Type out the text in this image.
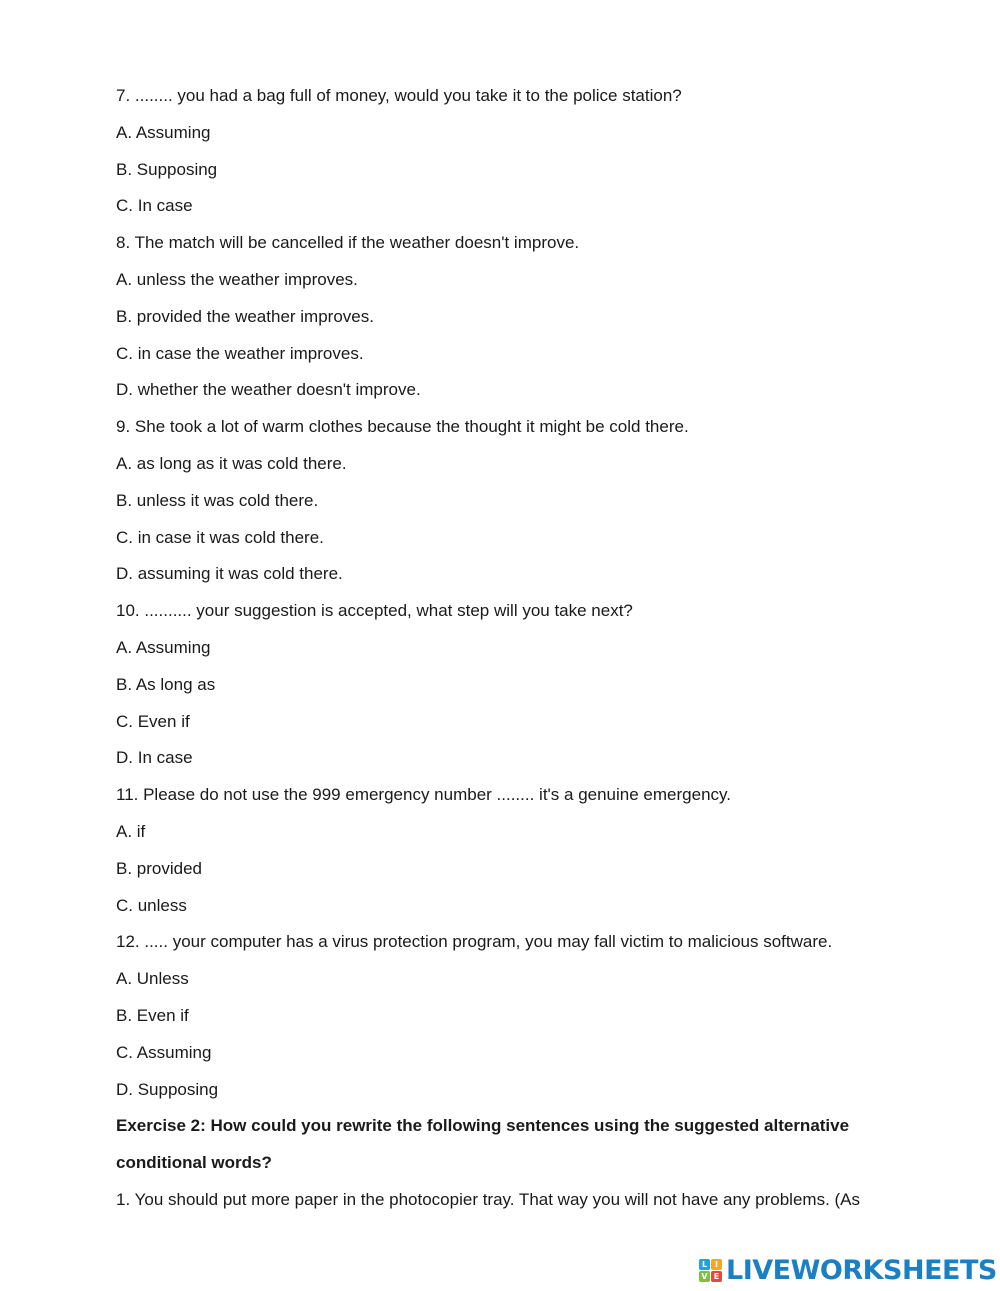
7. ........ you had a bag full of money, would you take it to the police station?
A. Assuming
B. Supposing
C. In case
8. The match will be cancelled if the weather doesn't improve.
A. unless the weather improves.
B. provided the weather improves.
C. in case the weather improves.
D. whether the weather doesn't improve.
9. She took a lot of warm clothes because the thought it might be cold there.
A. as long as it was cold there.
B. unless it was cold there.
C. in case it was cold there.
D. assuming it was cold there.
10. .......... your suggestion is accepted, what step will you take next?
A. Assuming
B. As long as
C. Even if
D. In case
11. Please do not use the 999 emergency number ........ it's a genuine emergency.
A. if
B. provided
C. unless
12. ..... your computer has a virus protection program, you may fall victim to malicious software.
A. Unless
B. Even if
C. Assuming
D. Supposing
Exercise 2: How could you rewrite the following sentences using the suggested alternative
conditional words?
1. You should put more paper in the photocopier tray. That way you will not have any problems. (As
L I
V E LIVEWORKSHEETS
